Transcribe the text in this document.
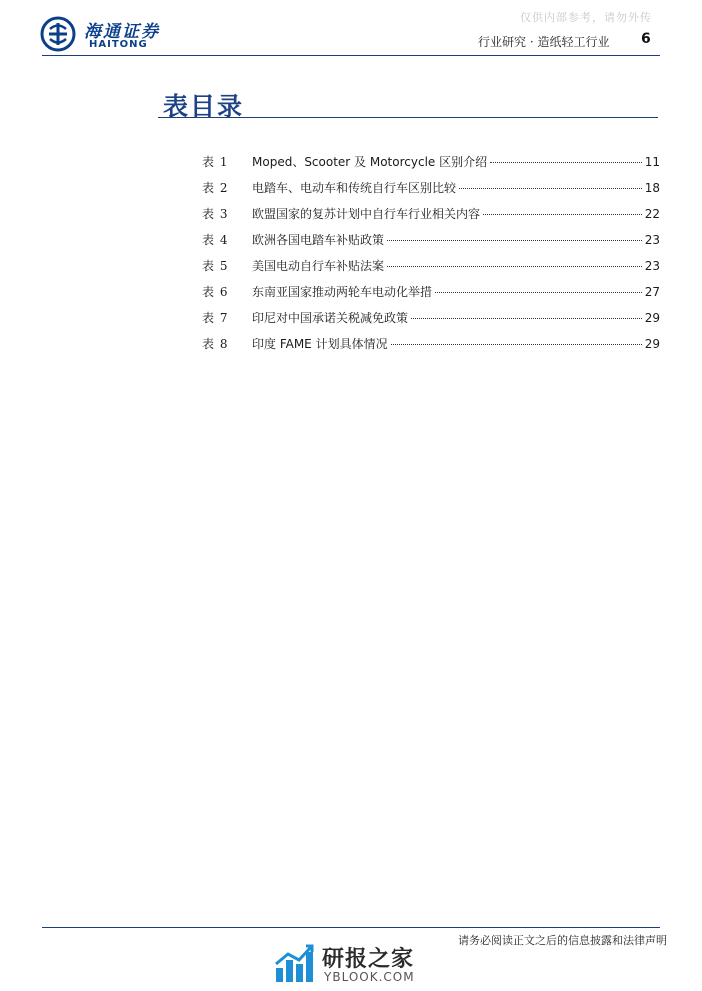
仅供内部参考，请勿外传
海通证券
HAITONG	行业研究 · 造纸轻工行业 6
表目录
表 1	Moped、Scooter 及 Motorcycle 区别介绍	11
表 2	电踏车、电动车和传统自行车区别比较	18
表 3	欧盟国家的复苏计划中自行车行业相关内容	22
表 4	欧洲各国电踏车补贴政策	23
表 5	美国电动自行车补贴法案	23
表 6	东南亚国家推动两轮车电动化举措	27
表 7	印尼对中国承诺关税减免政策	29
表 8	印度 FAME 计划具体情况	29
请务必阅读正文之后的信息披露和法律声明
研报之家
YBLOOK.COM
